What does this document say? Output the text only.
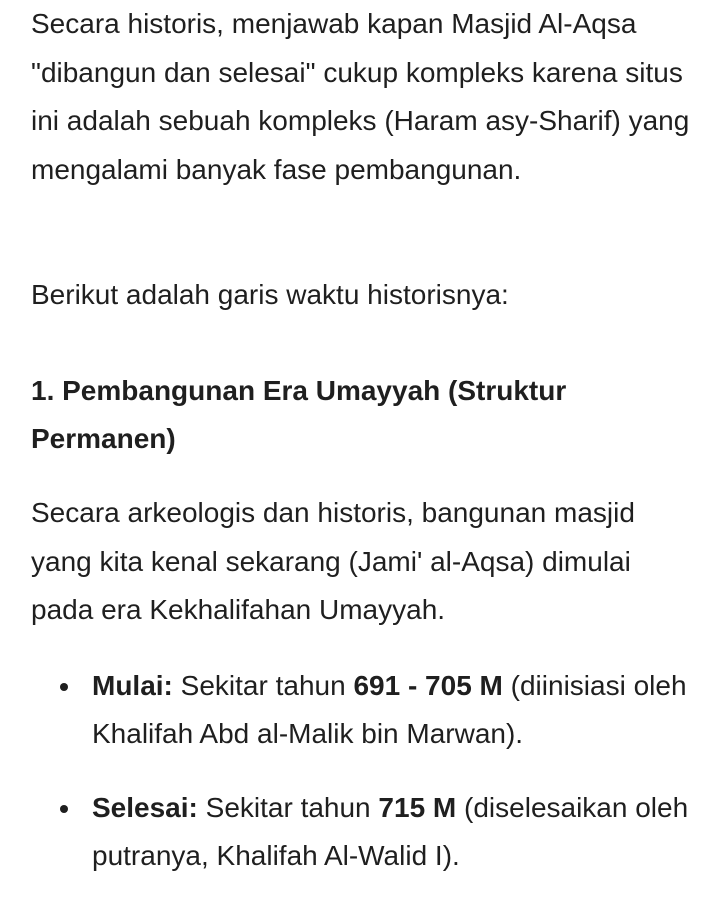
Secara historis, menjawab kapan Masjid Al-Aqsa "dibangun dan selesai" cukup kompleks karena situs ini adalah sebuah kompleks (Haram asy-Sharif) yang mengalami banyak fase pembangunan.

Berikut adalah garis waktu historisnya:

1. Pembangunan Era Umayyah (Struktur Permanen)

Secara arkeologis dan historis, bangunan masjid yang kita kenal sekarang (Jami' al-Aqsa) dimulai pada era Kekhalifahan Umayyah.

Mulai: Sekitar tahun 691 - 705 M (diinisiasi oleh Khalifah Abd al-Malik bin Marwan).
Selesai: Sekitar tahun 715 M (diselesaikan oleh putranya, Khalifah Al-Walid I).
